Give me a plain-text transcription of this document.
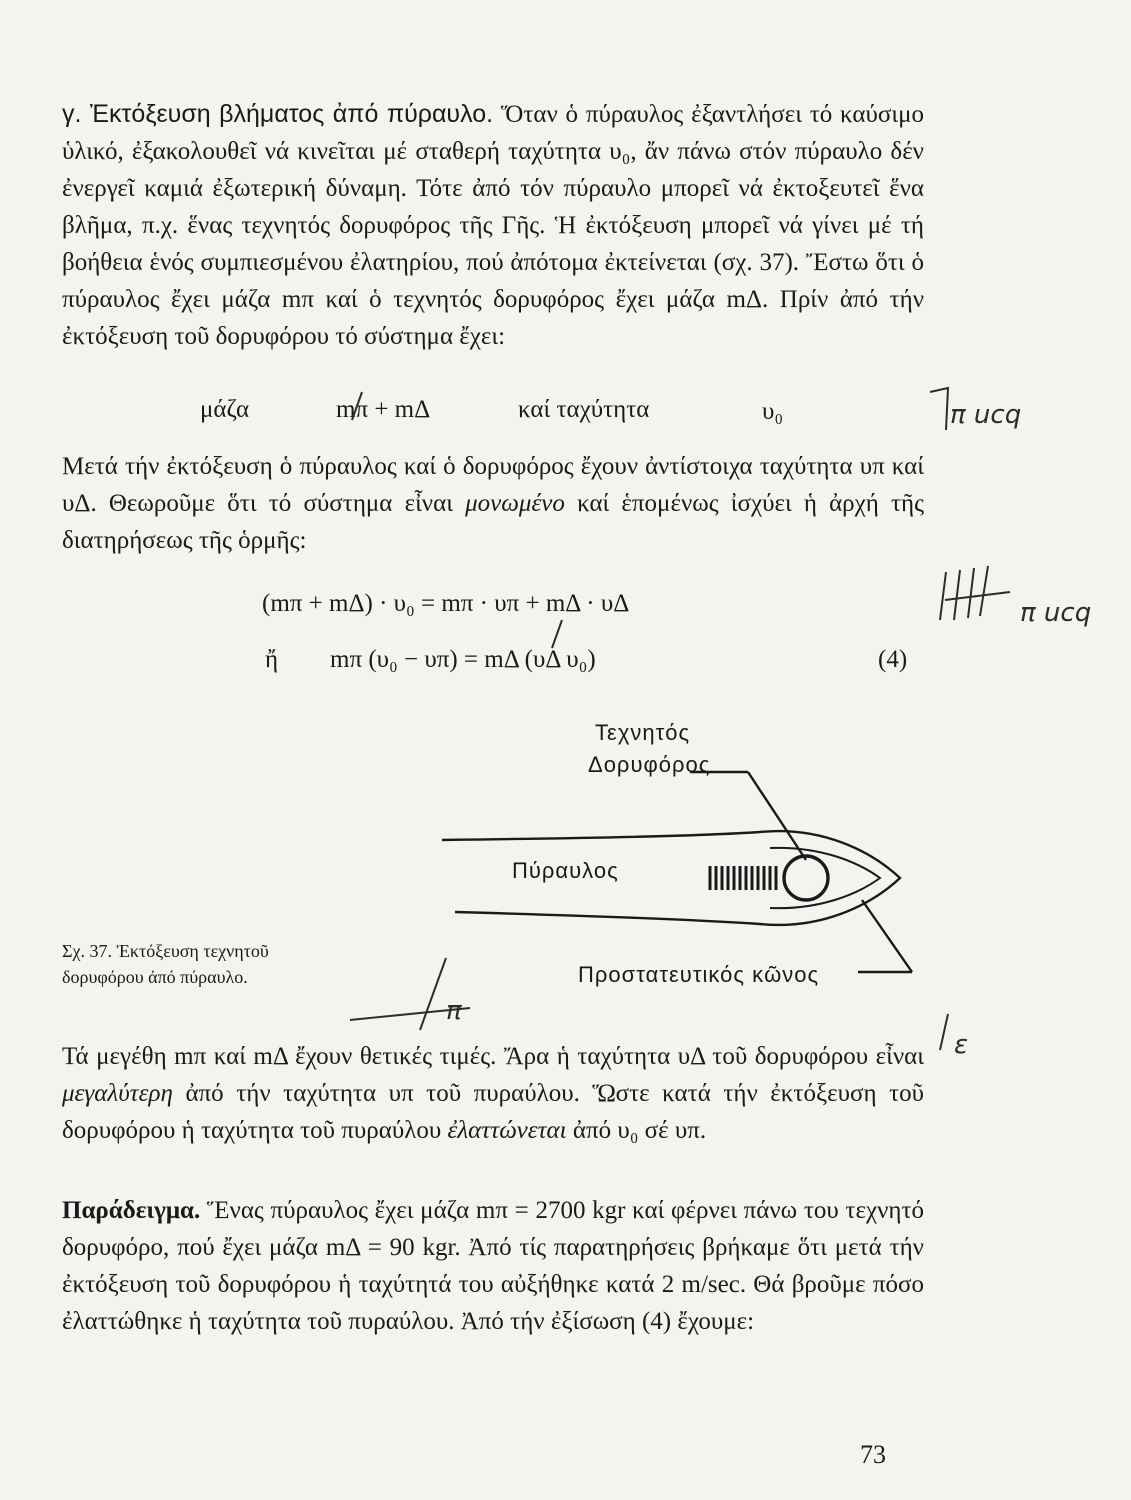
γ. Ἐκτόξευση βλήματος ἀπό πύραυλο. Ὅταν ὁ πύραυλος ἐξαντλήσει τό καύσιμο ὑλικό, ἐξακολουθεῖ νά κινεῖται μέ σταθερή ταχύτητα υ₀, ἄν πάνω στόν πύραυλο δέν ἐνεργεῖ καμιά ἐξωτερική δύναμη. Τότε ἀπό τόν πύραυλο μπορεῖ νά ἐκτοξευτεῖ ἕνα βλῆμα, π.χ. ἕνας τεχνητός δορυφόρος τῆς Γῆς. Ἡ ἐκτόξευση μπορεῖ νά γίνει μέ τή βοήθεια ἑνός συμπιεσμένου ἐλατηρίου, πού ἀπότομα ἐκτείνεται (σχ. 37). Ἔστω ὅτι ὁ πύραυλος ἔχει μάζα mπ καί ὁ τεχνητός δορυφόρος ἔχει μάζα mΔ. Πρίν ἀπό τήν ἐκτόξευση τοῦ δορυφόρου τό σύστημα ἔχει:

μάζα	mπ + mΔ	καί ταχύτητα	υ₀

Μετά τήν ἐκτόξευση ὁ πύραυλος καί ὁ δορυφόρος ἔχουν ἀντίστοιχα ταχύτητα υπ καί υΔ. Θεωροῦμε ὅτι τό σύστημα εἶναι μονωμένο καί ἑπομένως ἰσχύει ἡ ἀρχή τῆς διατηρήσεως τῆς ὁρμῆς:

(mπ + mΔ) · υ₀ = mπ · υπ + mΔ · υΔ
ἤ mπ (υ₀ − υπ) = mΔ (υΔ υ₀)	(4)
Τεχνητός
Δορυφόρος
Πύραυλος
Προστατευτικός κῶνος
Σχ. 37. Ἐκτόξευση τεχνητοῦ δορυφόρου ἀπό πύραυλο.
π ucq
π ucq
π
ε

Τά μεγέθη mπ καί mΔ ἔχουν θετικές τιμές. Ἄρα ἡ ταχύτητα υΔ τοῦ δορυφόρου εἶναι μεγαλύτερη ἀπό τήν ταχύτητα υπ τοῦ πυραύλου. Ὥστε κατά τήν ἐκτόξευση τοῦ δορυφόρου ἡ ταχύτητα τοῦ πυραύλου ἐλαττώνεται ἀπό υ₀ σέ υπ.

Παράδειγμα. Ἕνας πύραυλος ἔχει μάζα mπ = 2700 kgr καί φέρνει πάνω του τεχνητό δορυφόρο, πού ἔχει μάζα mΔ = 90 kgr. Ἀπό τίς παρατηρήσεις βρήκαμε ὅτι μετά τήν ἐκτόξευση τοῦ δορυφόρου ἡ ταχύτητά του αὐξήθηκε κατά 2 m/sec. Θά βροῦμε πόσο ἐλαττώθηκε ἡ ταχύτητα τοῦ πυραύλου. Ἀπό τήν ἐξίσωση (4) ἔχουμε:

73
